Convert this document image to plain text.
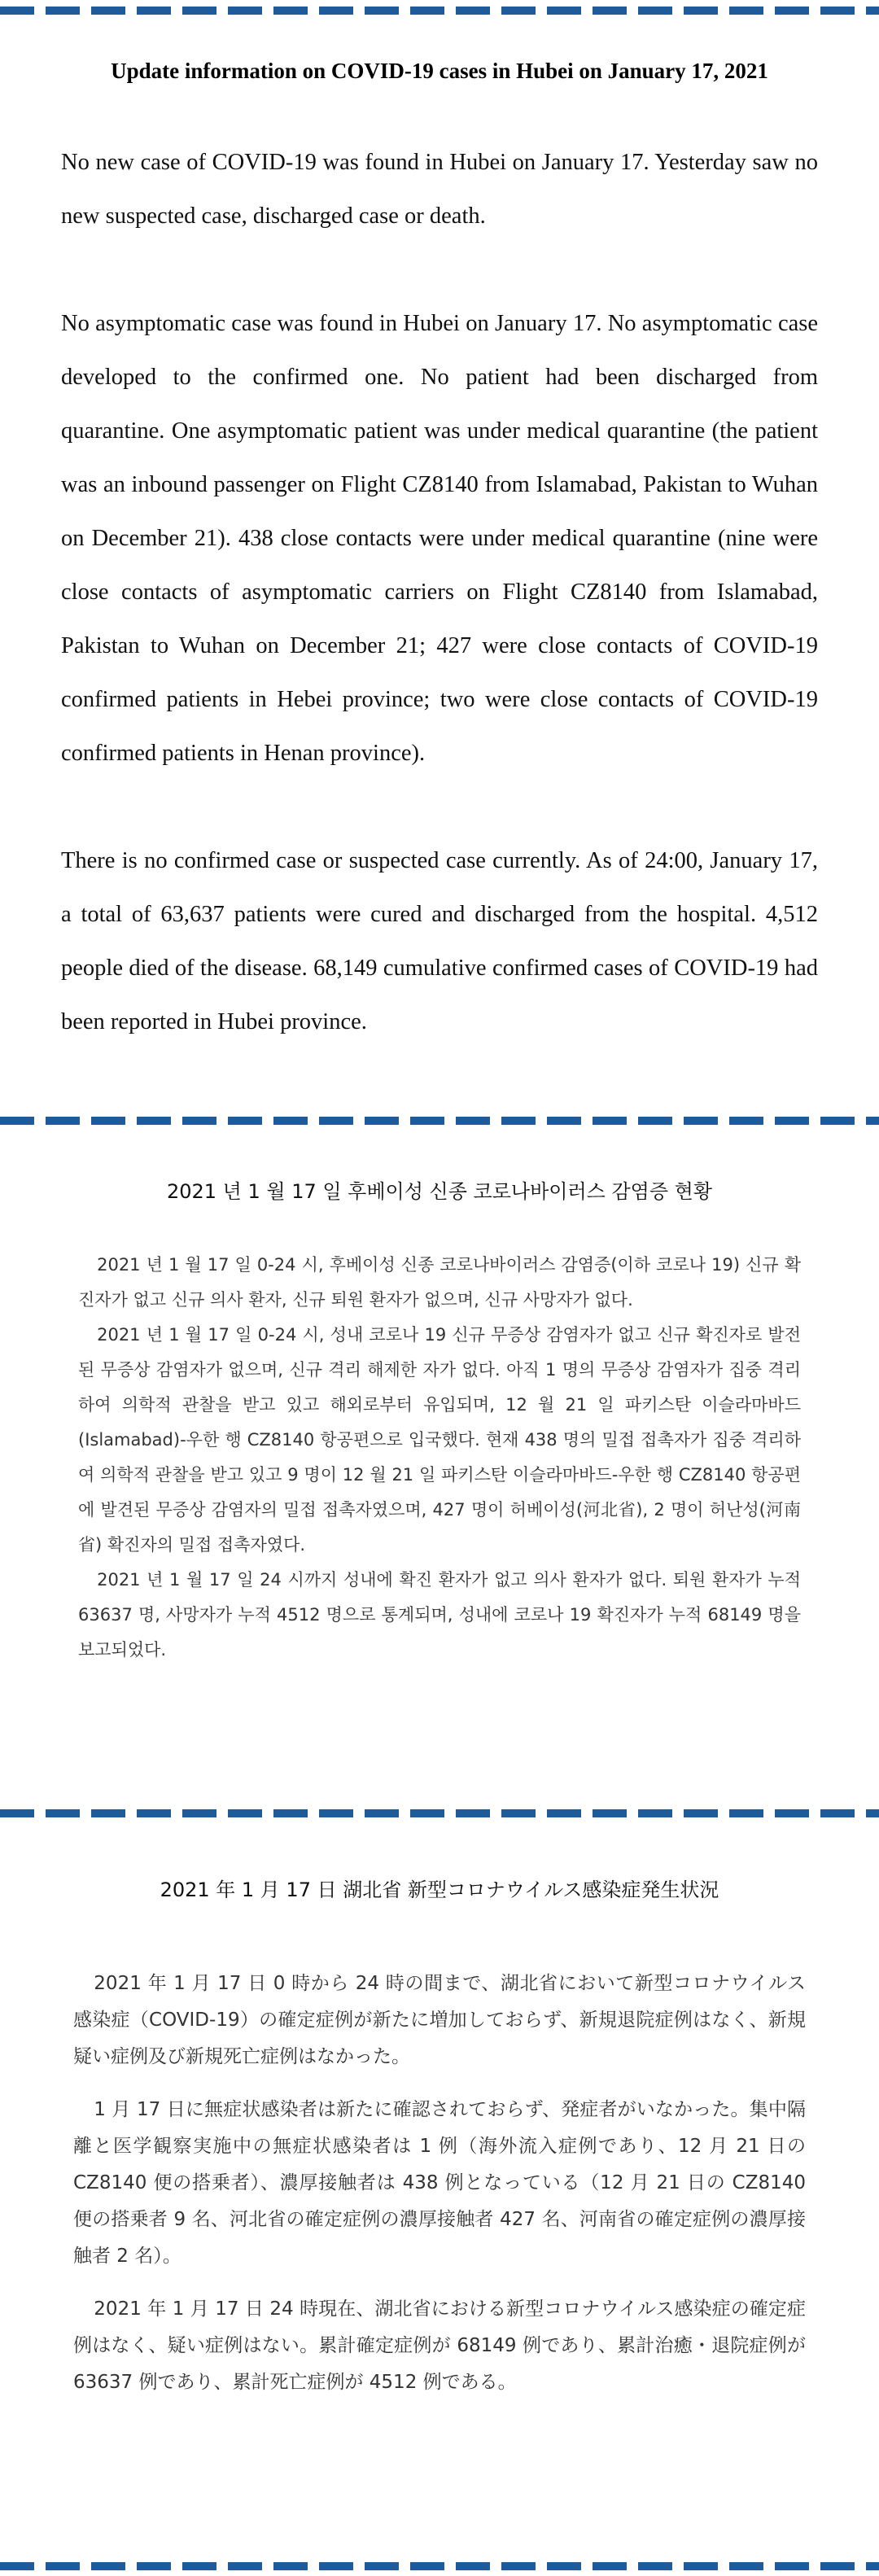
Update information on COVID-19 cases in Hubei on January 17, 2021

No new case of COVID-19 was found in Hubei on January 17. Yesterday saw no new suspected case, discharged case or death.

No asymptomatic case was found in Hubei on January 17. No asymptomatic case developed to the confirmed one. No patient had been discharged from quarantine. One asymptomatic patient was under medical quarantine (the patient was an inbound passenger on Flight CZ8140 from Islamabad, Pakistan to Wuhan on December 21). 438 close contacts were under medical quarantine (nine were close contacts of asymptomatic carriers on Flight CZ8140 from Islamabad, Pakistan to Wuhan on December 21; 427 were close contacts of COVID-19 confirmed patients in Hebei province; two were close contacts of COVID-19 confirmed patients in Henan province).

There is no confirmed case or suspected case currently. As of 24:00, January 17, a total of 63,637 patients were cured and discharged from the hospital. 4,512 people died of the disease. 68,149 cumulative confirmed cases of COVID-19 had been reported in Hubei province.

2021 년 1 월 17 일 후베이성 신종 코로나바이러스 감염증 현황

2021 년 1 월 17 일 0-24 시, 후베이성 신종 코로나바이러스 감염증(이하 코로나 19) 신규 확진자가 없고 신규 의사 환자, 신규 퇴원 환자가 없으며, 신규 사망자가 없다.

2021 년 1 월 17 일 0-24 시, 성내 코로나 19 신규 무증상 감염자가 없고 신규 확진자로 발전된 무증상 감염자가 없으며, 신규 격리 해제한 자가 없다. 아직 1 명의 무증상 감염자가 집중 격리하여 의학적 관찰을 받고 있고 해외로부터 유입되며, 12 월 21 일 파키스탄 이슬라마바드(Islamabad)-우한 행 CZ8140 항공편으로 입국했다. 현재 438 명의 밀접 접촉자가 집중 격리하여 의학적 관찰을 받고 있고 9 명이 12 월 21 일 파키스탄 이슬라마바드-우한 행 CZ8140 항공편에 발견된 무증상 감염자의 밀접 접촉자였으며, 427 명이 허베이성(河北省), 2 명이 허난성(河南省) 확진자의 밀접 접촉자였다.

2021 년 1 월 17 일 24 시까지 성내에 확진 환자가 없고 의사 환자가 없다. 퇴원 환자가 누적 63637 명, 사망자가 누적 4512 명으로 통계되며, 성내에 코로나 19 확진자가 누적 68149 명을 보고되었다.

2021 年 1 月 17 日 湖北省 新型コロナウイルス感染症発生状況

2021 年 1 月 17 日 0 時から 24 時の間まで、湖北省において新型コロナウイルス感染症（COVID-19）の確定症例が新たに増加しておらず、新規退院症例はなく、新規疑い症例及び新規死亡症例はなかった。

1 月 17 日に無症状感染者は新たに確認されておらず、発症者がいなかった。集中隔離と医学観察実施中の無症状感染者は 1 例（海外流入症例であり、12 月 21 日の CZ8140 便の搭乗者）、濃厚接触者は 438 例となっている（12 月 21 日の CZ8140 便の搭乗者 9 名、河北省の確定症例の濃厚接触者 427 名、河南省の確定症例の濃厚接触者 2 名）。

2021 年 1 月 17 日 24 時現在、湖北省における新型コロナウイルス感染症の確定症例はなく、疑い症例はない。累計確定症例が 68149 例であり、累計治癒・退院症例が 63637 例であり、累計死亡症例が 4512 例である。
